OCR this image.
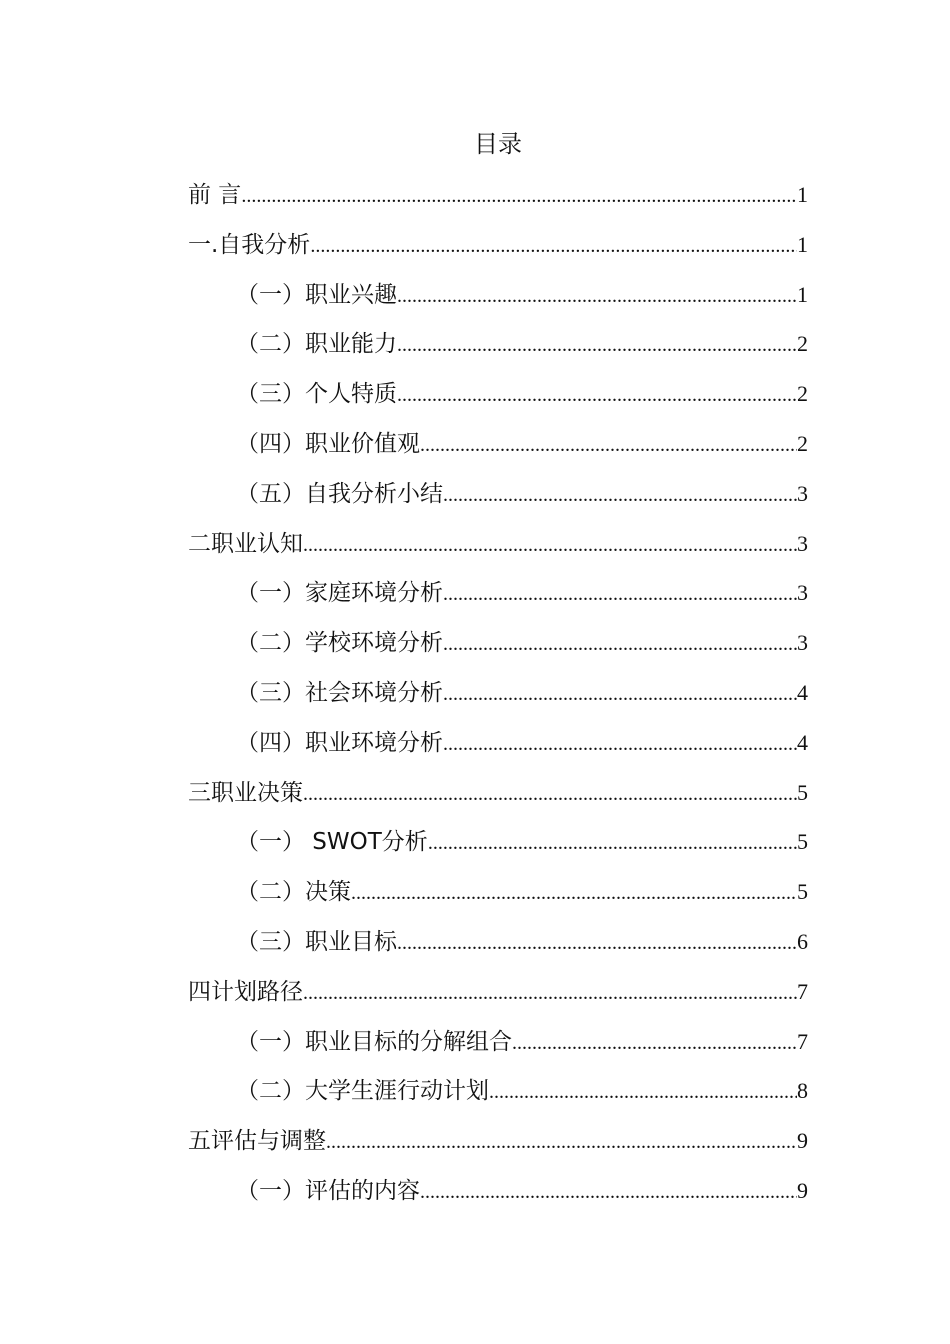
目录
前 言 .....	1
一.自我分析 .....	1
（一）职业兴趣 .....	1
（二）职业能力 .....	2
（三）个人特质 .....	2
（四）职业价值观 .....	2
（五）自我分析小结 .....	3
二职业认知 .....	3
（一）家庭环境分析 .....	3
（二）学校环境分析 .....	3
（三）社会环境分析 .....	4
（四）职业环境分析 .....	4
三职业决策 .....	5
（一） SWOT分析 .....	5
（二）决策 .....	5
（三）职业目标 .....	6
四计划路径 .....	7
（一）职业目标的分解组合 .....	7
（二）大学生涯行动计划 .....	8
五评估与调整 .....	9
（一）评估的内容 .....	9
